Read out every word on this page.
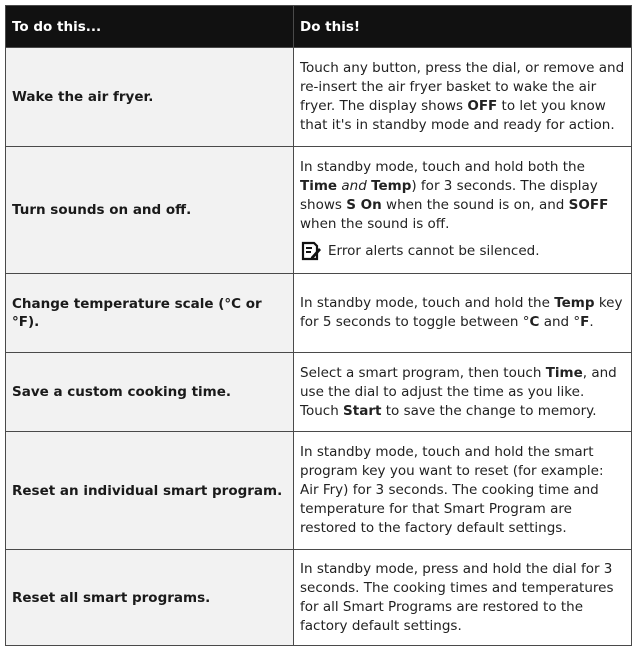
To do this...	Do this!
Wake the air fryer.	Touch any button, press the dial, or remove and re-insert the air fryer basket to wake the air fryer. The display shows OFF to let you know that it's in standby mode and ready for action.
Turn sounds on and off.	In standby mode, touch and hold both the Time and Temp) for 3 seconds. The display shows S On when the sound is on, and SOFF when the sound is off.
Error alerts cannot be silenced.

Change temperature scale (°C or °F).	In standby mode, touch and hold the Temp key for 5 seconds to toggle between °C and °F.
Save a custom cooking time.	Select a smart program, then touch Time, and use the dial to adjust the time as you like. Touch Start to save the change to memory.
Reset an individual smart program.	In standby mode, touch and hold the smart program key you want to reset (for example: Air Fry) for 3 seconds. The cooking time and temperature for that Smart Program are restored to the factory default settings.
Reset all smart programs.	In standby mode, press and hold the dial for 3 seconds. The cooking times and temperatures for all Smart Programs are restored to the factory default settings.
